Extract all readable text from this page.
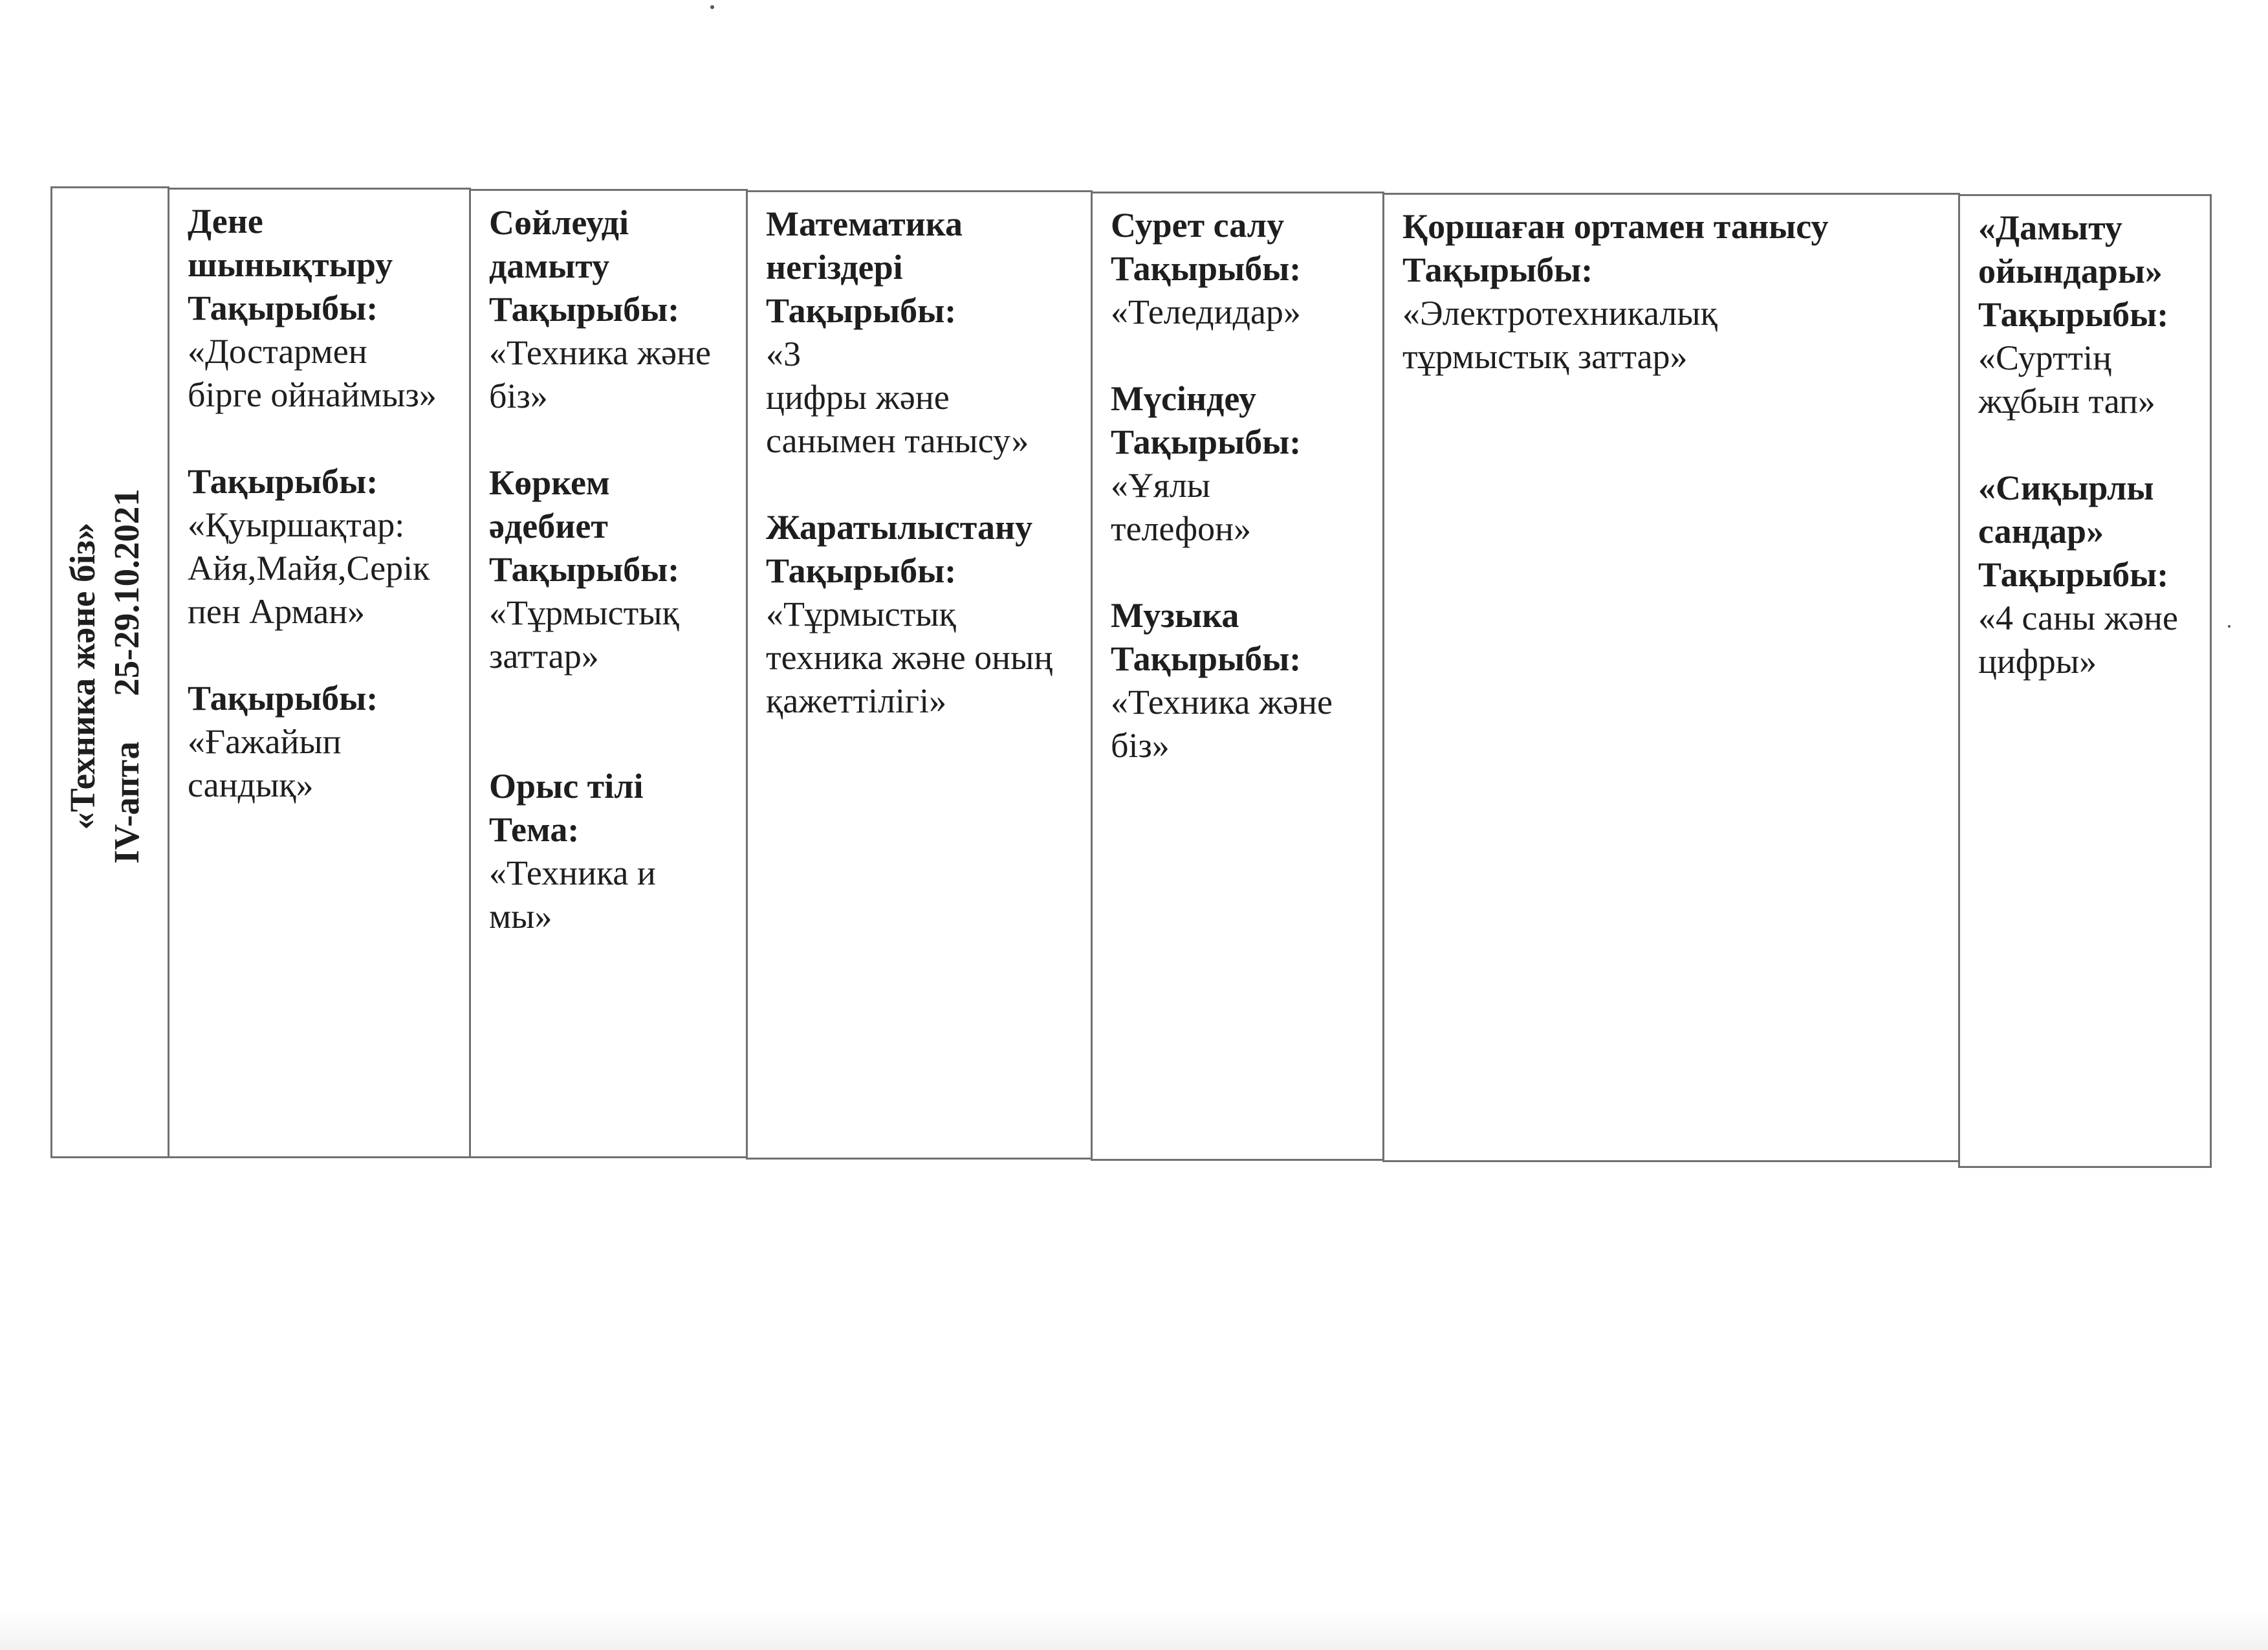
«Техника және біз» IV-апта25-29.10.2021
Дене
шынықтыру
Тақырыбы:
«Достармен
бірге ойнаймыз»
Тақырыбы:
«Қуыршақтар:
Айя,Майя,Серік
пен Арман»
Тақырыбы:
«Ғажайып
сандық»
Сөйлеуді
дамыту
Тақырыбы:
«Техника және
біз»
Көркем
әдебиет
Тақырыбы:
«Тұрмыстық
заттар»
Орыс тілі
Тема:
«Техника и
мы»
Математика
негіздері
Тақырыбы:
«3
цифры және
санымен танысу»
Жаратылыстану
Тақырыбы:
«Тұрмыстық
техника және оның
қажеттілігі»
Сурет салу
Тақырыбы:
«Теледидар»
Мүсіндеу
Тақырыбы:
«Ұялы
телефон»
Музыка
Тақырыбы:
«Техника және
біз»
Қоршаған ортамен танысу
Тақырыбы:
«Электротехникалық
тұрмыстық заттар»
«Дамыту
ойындары»
Тақырыбы:
«Сурттің
жұбын тап»
«Сиқырлы
сандар»
Тақырыбы:
«4 саны және
цифры»
